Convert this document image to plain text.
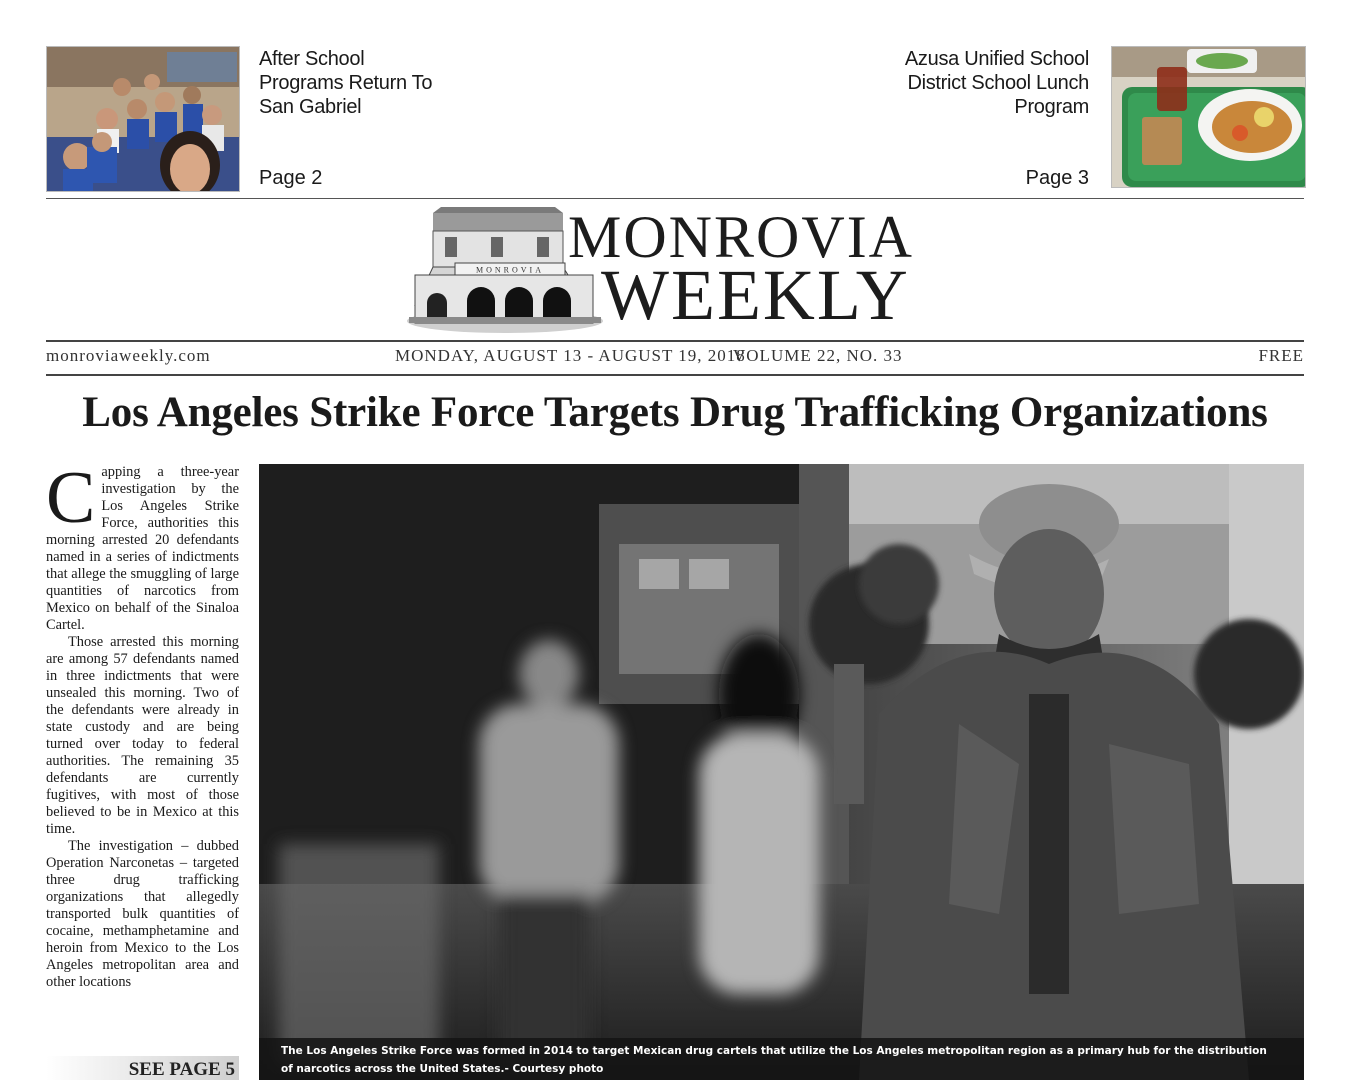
After School
Programs Return To
San Gabriel
Page 2
Azusa Unified School
District School Lunch
Program
Page 3
MONROVIA MONROVIA
WEEKLY
monroviaweekly.com	MONDAY, AUGUST 13 - AUGUST 19, 2018
VOLUME 22, NO. 33	FREE
Los Angeles Strike Force Targets Drug Trafficking Organizations

Capping a three-year investigation by the Los Angeles Strike Force, authorities this morning arrested 20 defendants named in a series of indictments that allege the smuggling of large quantities of narcotics from Mexico on behalf of the Sinaloa Cartel.

Those arrested this morning are among 57 defendants named in three indictments that were unsealed this morning. Two of the defendants were already in state custody and are being turned over today to federal authorities. The remaining 35 defendants are currently fugitives, with most of those believed to be in Mexico at this time.

The investigation – dubbed Operation Narconetas – targeted three drug trafficking organizations that allegedly transported bulk quantities of cocaine, methamphetamine and heroin from Mexico to the Los Angeles metropolitan area and other locations

SEE PAGE 5
The Los Angeles Strike Force was formed in 2014 to target Mexican drug cartels that utilize the Los Angeles metropolitan region as a primary hub for the distribution of narcotics across the United States.- Courtesy photo
